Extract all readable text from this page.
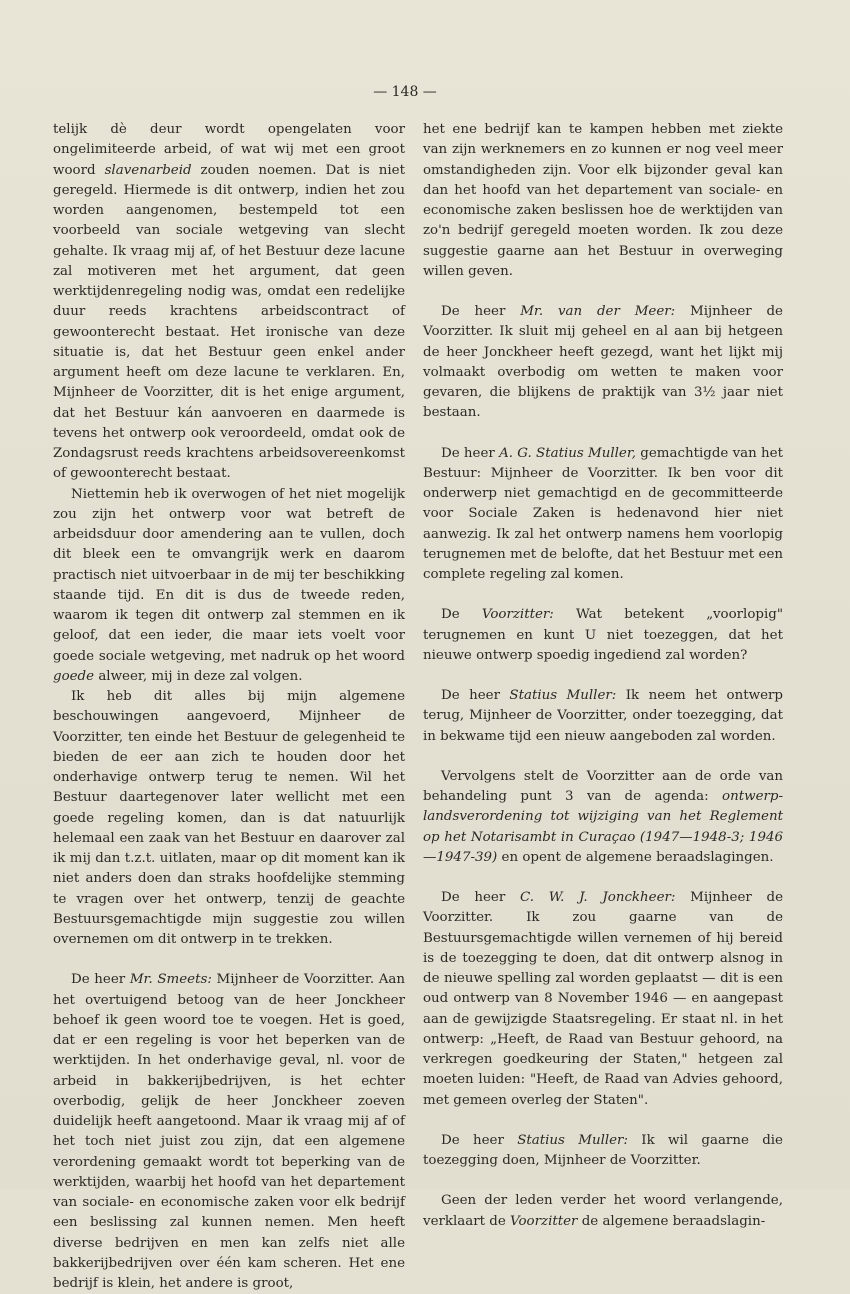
— 148 —

telijk dè deur wordt opengelaten voor ongelimiteerde arbeid, of wat wij met een groot woord slavenarbeid zouden noemen. Dat is niet geregeld. Hiermede is dit ontwerp, indien het zou worden aangenomen, bestempeld tot een voorbeeld van sociale wetgeving van slecht gehalte. Ik vraag mij af, of het Bestuur deze lacune zal motiveren met het argument, dat geen werktijdenregeling nodig was, omdat een redelijke duur reeds krachtens arbeidscontract of gewoonterecht bestaat. Het ironische van deze situatie is, dat het Bestuur geen enkel ander argument heeft om deze lacune te verklaren. En, Mijnheer de Voorzitter, dit is het enige argument, dat het Bestuur kán aanvoeren en daarmede is tevens het ontwerp ook veroordeeld, omdat ook de Zondagsrust reeds krachtens arbeidsovereenkomst of gewoonterecht bestaat.

Niettemin heb ik overwogen of het niet mogelijk zou zijn het ontwerp voor wat betreft de arbeidsduur door amendering aan te vullen, doch dit bleek een te omvangrijk werk en daarom practisch niet uitvoerbaar in de mij ter beschikking staande tijd. En dit is dus de tweede reden, waarom ik tegen dit ontwerp zal stemmen en ik geloof, dat een ieder, die maar iets voelt voor goede sociale wetgeving, met nadruk op het woord goede alweer, mij in deze zal volgen.

Ik heb dit alles bij mijn algemene beschouwingen aangevoerd, Mijnheer de Voorzitter, ten einde het Bestuur de gelegenheid te bieden de eer aan zich te houden door het onderhavige ontwerp terug te nemen. Wil het Bestuur daartegenover later wellicht met een goede regeling komen, dan is dat natuurlijk helemaal een zaak van het Bestuur en daarover zal ik mij dan t.z.t. uitlaten, maar op dit moment kan ik niet anders doen dan straks hoofdelijke stemming te vragen over het ontwerp, tenzij de geachte Bestuursgemachtigde mijn suggestie zou willen overnemen om dit ontwerp in te trekken.

De heer Mr. Smeets: Mijnheer de Voorzitter. Aan het overtuigend betoog van de heer Jonckheer behoef ik geen woord toe te voegen. Het is goed, dat er een regeling is voor het beperken van de werktijden. In het onderhavige geval, nl. voor de arbeid in bakkerijbedrijven, is het echter overbodig, gelijk de heer Jonckheer zoeven duidelijk heeft aangetoond. Maar ik vraag mij af of het toch niet juist zou zijn, dat een algemene verordening gemaakt wordt tot beperking van de werktijden, waarbij het hoofd van het departement van sociale- en economische zaken voor elk bedrijf een beslissing zal kunnen nemen. Men heeft diverse bedrijven en men kan zelfs niet alle bakkerijbedrijven over één kam scheren. Het ene bedrijf is klein, het andere is groot,

het ene bedrijf kan te kampen hebben met ziekte van zijn werknemers en zo kunnen er nog veel meer omstandigheden zijn. Voor elk bijzonder geval kan dan het hoofd van het departement van sociale- en economische zaken beslissen hoe de werktijden van zo'n bedrijf geregeld moeten worden. Ik zou deze suggestie gaarne aan het Bestuur in overweging willen geven.

De heer Mr. van der Meer: Mijnheer de Voorzitter. Ik sluit mij geheel en al aan bij hetgeen de heer Jonckheer heeft gezegd, want het lijkt mij volmaakt overbodig om wetten te maken voor gevaren, die blijkens de praktijk van 3½ jaar niet bestaan.

De heer A. G. Statius Muller, gemachtigde van het Bestuur: Mijnheer de Voorzitter. Ik ben voor dit onderwerp niet gemachtigd en de gecommitteerde voor Sociale Zaken is hedenavond hier niet aanwezig. Ik zal het ontwerp namens hem voorlopig terugnemen met de belofte, dat het Bestuur met een complete regeling zal komen.

De Voorzitter: Wat betekent „voorlopig" terugnemen en kunt U niet toezeggen, dat het nieuwe ontwerp spoedig ingediend zal worden?

De heer Statius Muller: Ik neem het ontwerp terug, Mijnheer de Voorzitter, onder toezegging, dat in bekwame tijd een nieuw aangeboden zal worden.

Vervolgens stelt de Voorzitter aan de orde van behandeling punt 3 van de agenda: ontwerp-landsverordening tot wijziging van het Reglement op het Notarisambt in Curaçao (1947—1948-3; 1946—1947-39) en opent de algemene beraadslagingen.

De heer C. W. J. Jonckheer: Mijnheer de Voorzitter. Ik zou gaarne van de Bestuursgemachtigde willen vernemen of hij bereid is de toezegging te doen, dat dit ontwerp alsnog in de nieuwe spelling zal worden geplaatst — dit is een oud ontwerp van 8 November 1946 — en aangepast aan de gewijzigde Staatsregeling. Er staat nl. in het ontwerp: „Heeft, de Raad van Bestuur gehoord, na verkregen goedkeuring der Staten," hetgeen zal moeten luiden: "Heeft, de Raad van Advies gehoord, met gemeen overleg der Staten".

De heer Statius Muller: Ik wil gaarne die toezegging doen, Mijnheer de Voorzitter.

Geen der leden verder het woord verlangende, verklaart de Voorzitter de algemene beraadslagin-
